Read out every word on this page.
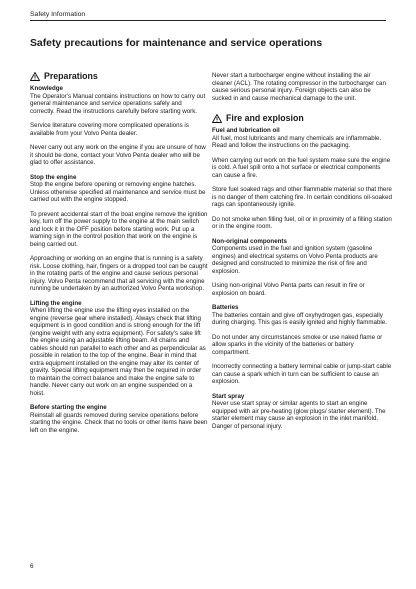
Safety Information
Safety precautions for maintenance and service operations
Preparations
Knowledge

The Operator's Manual contains instructions on how to carry out general maintenance and service operations safely and correctly. Read the instructions carefully before starting work.

Service literature covering more complicated operations is available from your Volvo Penta dealer.

Never carry out any work on the engine if you are unsure of how it should be done, contact your Volvo Penta dealer who will be glad to offer assistance.

Stop the engine

Stop the engine before opening or removing engine hatches. Unless otherwise specified all maintenance and service must be carried out with the engine stopped.

To prevent accidental start of the boat engine remove the ignition key, turn off the power supply to the engine at the main switch and lock it in the OFF position before starting work. Put up a warning sign in the control position that work on the engine is being carried out.

Approaching or working on an engine that is running is a safety risk. Loose clothing, hair, fingers or a dropped tool can be caught in the rotating parts of the engine and cause serious personal injury. Volvo Penta recommend that all servicing with the engine running be undertaken by an authorized Volvo Penta workshop.

Lifting the engine

When lifting the engine use the lifting eyes installed on the engine (reverse gear where installed). Always check that lifting equipment is in good condition and is strong enough for the lift (engine weight with any extra equipment). For safety's sake lift the engine using an adjustable lifting beam. All chains and cables should run parallel to each other and as perpendicular as possible in relation to the top of the engine. Bear in mind that extra equipment installed on the engine may alter its center of gravity. Special lifting equipment may then be required in order to maintain the correct balance and make the engine safe to handle. Never carry out work on an engine suspended on a hoist.

Before starting the engine

Reinstall all guards removed during service operations before starting the engine. Check that no tools or other items have been left on the engine.

Never start a turbocharger engine without installing the air cleaner (ACL). The rotating compressor in the turbocharger can cause serious personal injury. Foreign objects can also be sucked in and cause mechanical damage to the unit.

Fire and explosion
Fuel and lubrication oil

All fuel, most lubricants and many chemicals are inflammable. Read and follow the instructions on the packaging.

When carrying out work on the fuel system make sure the engine is cold. A fuel spill onto a hot surface or electrical components can cause a fire.

Store fuel soaked rags and other flammable material so that there is no danger of them catching fire. In certain conditions oil-soaked rags can spontaneously ignite.

Do not smoke when filling fuel, oil or in proximity of a filling station or in the engine room.

Non-original components

Components used in the fuel and ignition system (gasoline engines) and electrical systems on Volvo Penta products are designed and constructed to minimize the risk of fire and explosion.

Using non-original Volvo Penta parts can result in fire or explosion on board.

Batteries

The batteries contain and give off oxyhydrogen gas, especially during charging. This gas is easily ignited and highly flammable.

Do not under any circumstances smoke or use naked flame or allow sparks in the vicinity of the batteries or battery compartment.

Incorrectly connecting a battery terminal cable or jump-start cable can cause a spark which in turn can be sufficient to cause an explosion.

Start spray

Never use start spray or similar agents to start an engine equipped with air pre-heating (glow plugs/ starter element). The starter element may cause an explosion in the inlet manifold. Danger of personal injury.

6
